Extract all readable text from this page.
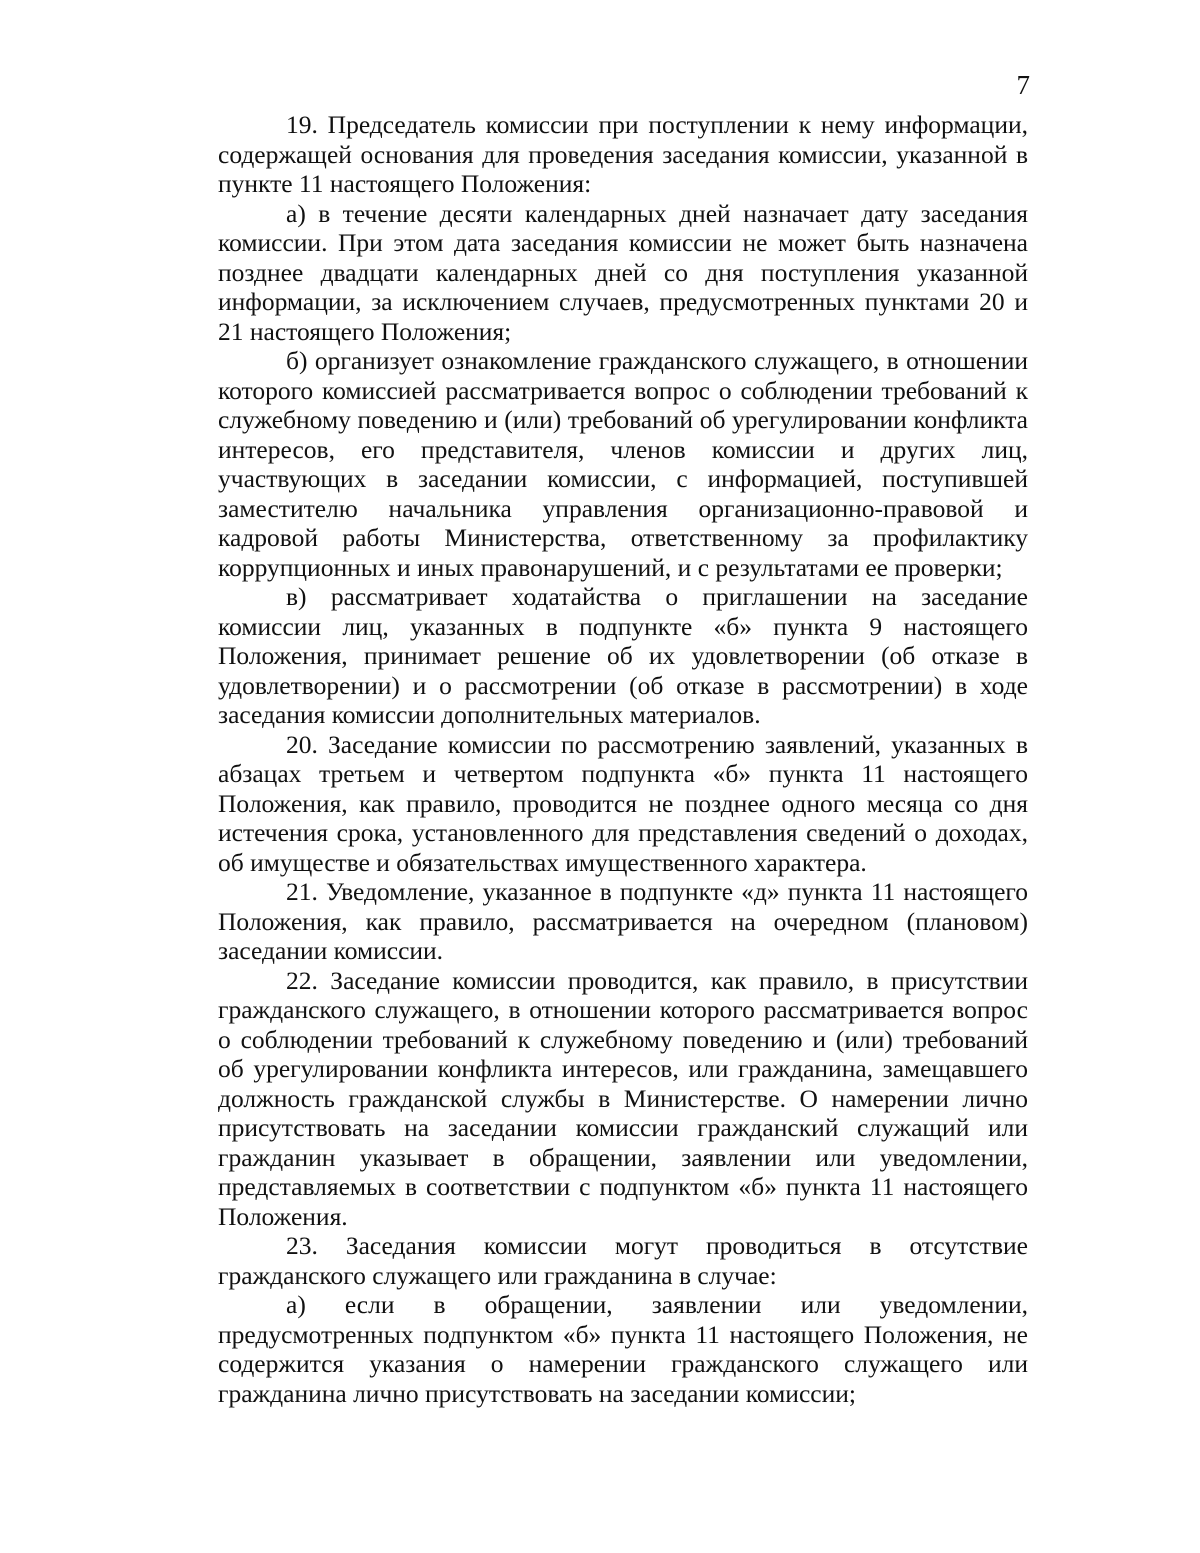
7

19. Председатель комиссии при поступлении к нему информации, содержащей основания для проведения заседания комиссии, указанной в пункте 11 настоящего Положения:

а) в течение десяти календарных дней назначает дату заседания комиссии. При этом дата заседания комиссии не может быть назначена позднее двадцати календарных дней со дня поступления указанной информации, за исключением случаев, предусмотренных пунктами 20 и 21 настоящего Положения;

б) организует ознакомление гражданского служащего, в отношении которого комиссией рассматривается вопрос о соблюдении требований к служебному поведению и (или) требований об урегулировании конфликта интересов, его представителя, членов комиссии и других лиц, участвующих в заседании комиссии, с информацией, поступившей заместителю начальника управления организационно-правовой и кадровой работы Министерства, ответственному за профилактику коррупционных и иных правонарушений, и с результатами ее проверки;

в) рассматривает ходатайства о приглашении на заседание комиссии лиц, указанных в подпункте «б» пункта 9 настоящего Положения, принимает решение об их удовлетворении (об отказе в удовлетворении) и о рассмотрении (об отказе в рассмотрении) в ходе заседания комиссии дополнительных материалов.

20. Заседание комиссии по рассмотрению заявлений, указанных в абзацах третьем и четвертом подпункта «б» пункта 11 настоящего Положения, как правило, проводится не позднее одного месяца со дня истечения срока, установленного для представления сведений о доходах, об имуществе и обязательствах имущественного характера.

21. Уведомление, указанное в подпункте «д» пункта 11 настоящего Положения, как правило, рассматривается на очередном (плановом) заседании комиссии.

22. Заседание комиссии проводится, как правило, в присутствии гражданского служащего, в отношении которого рассматривается вопрос о соблюдении требований к служебному поведению и (или) требований об урегулировании конфликта интересов, или гражданина, замещавшего должность гражданской службы в Министерстве. О намерении лично присутствовать на заседании комиссии гражданский служащий или гражданин указывает в обращении, заявлении или уведомлении, представляемых в соответствии с подпунктом «б» пункта 11 настоящего Положения.

23. Заседания комиссии могут проводиться в отсутствие гражданского служащего или гражданина в случае:

а) если в обращении, заявлении или уведомлении, предусмотренных подпунктом «б» пункта 11 настоящего Положения, не содержится указания о намерении гражданского служащего или гражданина лично присутствовать на заседании комиссии;
